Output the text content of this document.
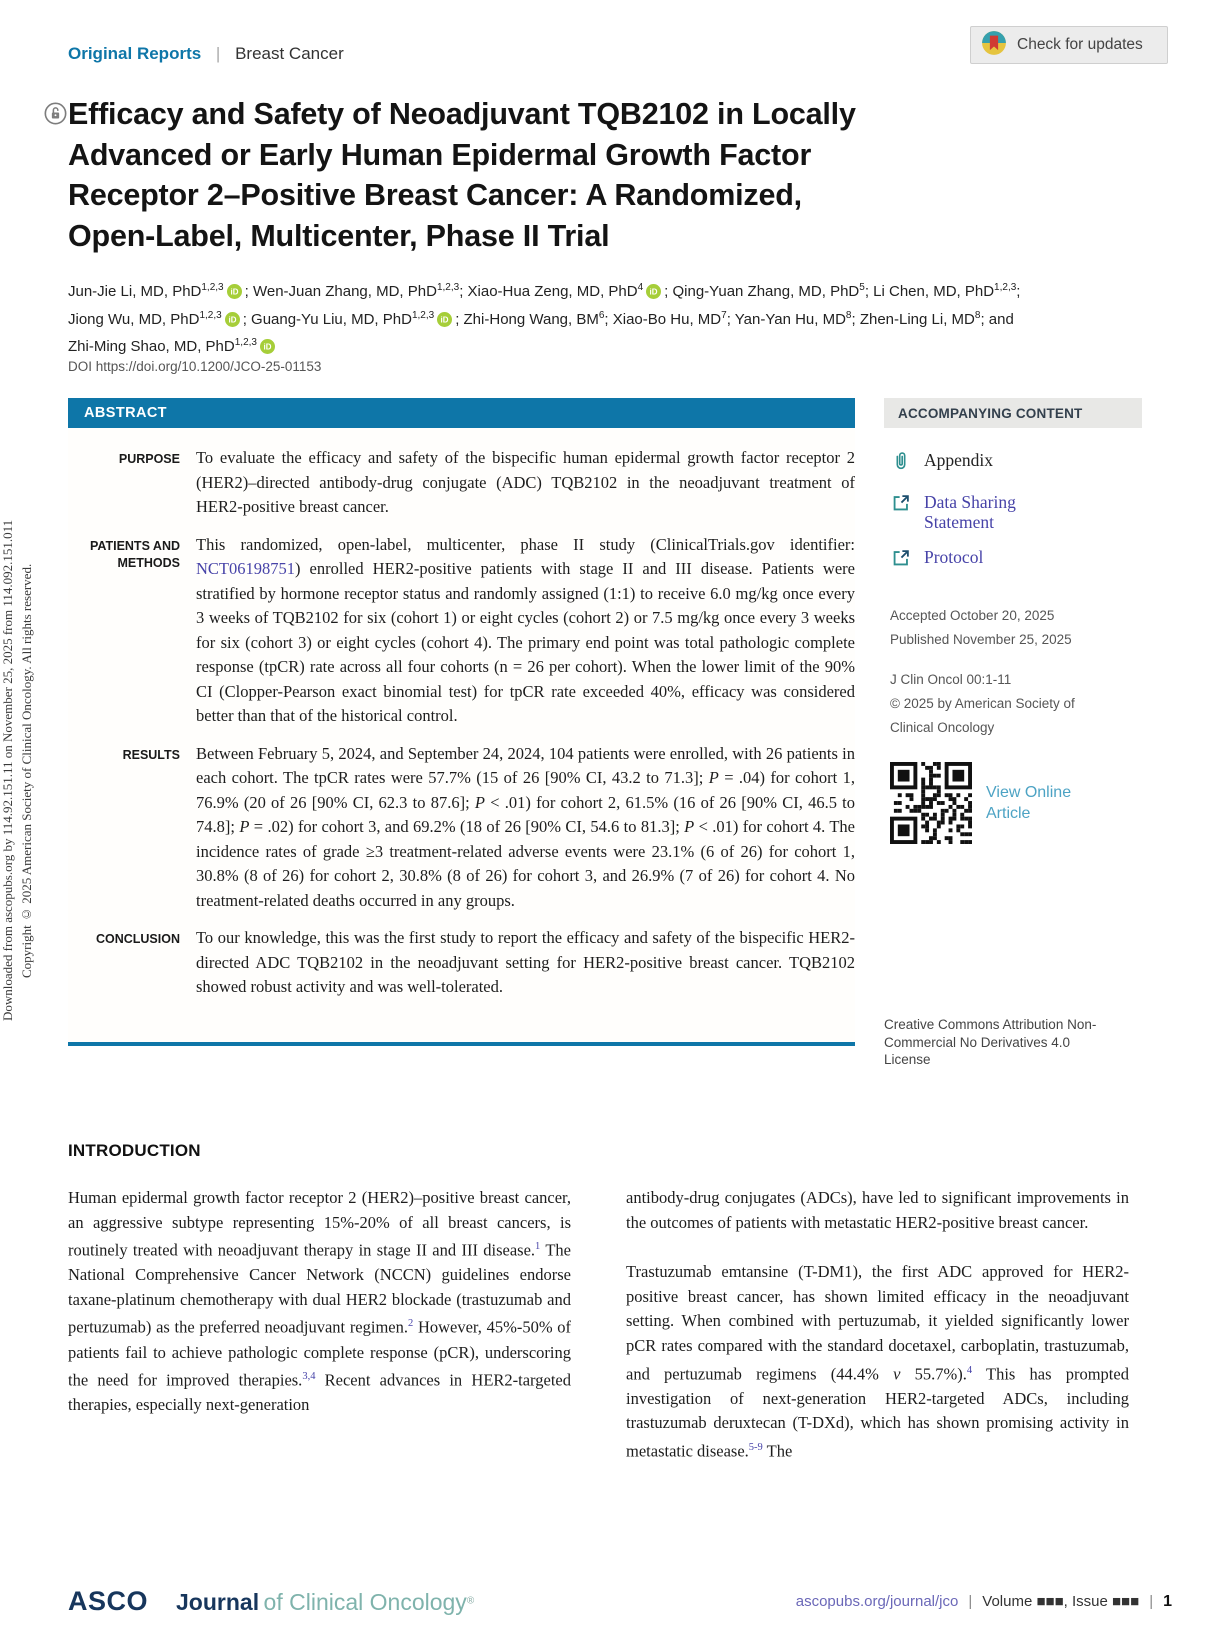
Downloaded from ascopubs.org by 114.92.151.11 on November 25, 2025 from 114.092.151.011 Copyright © 2025 American Society of Clinical Oncology. All rights reserved.
Original Reports | Breast Cancer	Check for updates
Efficacy and Safety of Neoadjuvant TQB2102 in Locally
Advanced or Early Human Epidermal Growth Factor
Receptor 2–Positive Breast Cancer: A Randomized,
Open-Label, Multicenter, Phase II Trial
Jun-Jie Li, MD, PhD$^{1,2,3}$ iD ; Wen-Juan Zhang, MD, PhD$^{1,2,3}$; Xiao-Hua Zeng, MD, PhD$^4$ iD ; Qing-Yuan Zhang, MD, PhD$^5$; Li Chen, MD, PhD$^{1,2,3}$;
Jiong Wu, MD, PhD$^{1,2,3}$ iD ; Guang-Yu Liu, MD, PhD$^{1,2,3}$ iD ; Zhi-Hong Wang, $BM^6$; Xiao-Bo Hu, $MD^7$; Yan-Yan Hu, $MD^8$; Zhen-Ling Li, $MD^8$; and
Zhi-Ming Shao, MD, PhD$^{1,2,3}$ iD
DOI https://doi.org/10.1200/JCO-25-01153
ABSTRACT
PURPOSE To evaluate the efficacy and safety of the bispecific human epidermal growth factor receptor 2 (HER2)–directed antibody-drug conjugate (ADC) TQB2102 in the neoadjuvant treatment of HER2-positive breast cancer.
PATIENTS AND METHODS
This randomized, open-label, multicenter, phase II study (ClinicalTrials.gov identifier: NCT06198751) enrolled HER2-positive patients with stage II and III disease. Patients were stratified by hormone receptor status and randomly assigned (1:1) to receive 6.0 mg/kg once every 3 weeks of TQB2102 for six (cohort 1) or eight cycles (cohort 2) or 7.5 mg/kg once every 3 weeks for six (cohort 3) or eight cycles (cohort 4). The primary end point was total pathologic complete response (tpCR) rate across all four cohorts (n = 26 per cohort). When the lower limit of the 90% CI (Clopper-Pearson exact binomial test) for tpCR rate exceeded 40%, efficacy was considered better than that of the historical control.
RESULTS Between February 5, 2024, and September 24, 2024, 104 patients were enrolled, with 26 patients in each cohort. The tpCR rates were 57.7% (15 of 26 [90% CI, 43.2 to 71.3]; P = .04) for cohort 1, 76.9% (20 of 26 [90% CI, 62.3 to 87.6]; P < .01) for cohort 2, 61.5% (16 of 26 [90% CI, 46.5 to 74.8]; P = .02) for cohort 3, and 69.2% (18 of 26 [90% CI, 54.6 to 81.3]; P < .01) for cohort 4. The incidence rates of grade ≥3 treatment-related adverse events were 23.1% (6 of 26) for cohort 1, 30.8% (8 of 26) for cohort 2, 30.8% (8 of 26) for cohort 3, and 26.9% (7 of 26) for cohort 4. No treatment-related deaths occurred in any groups.
CONCLUSION To our knowledge, this was the first study to report the efficacy and safety of the bispecific HER2-directed ADC TQB2102 in the neoadjuvant setting for HER2-positive breast cancer. TQB2102 showed robust activity and was well-tolerated.
ACCOMPANYING CONTENT
Appendix
Data Sharing Statement
Protocol
Accepted October 20, 2025
Published November 25, 2025
J Clin Oncol 00:1-11
© 2025 by American Society of Clinical Oncology
View Online Article
Creative Commons Attribution Non-Commercial No Derivatives 4.0 License
INTRODUCTION

Human epidermal growth factor receptor 2 (HER2)–positive breast cancer, an aggressive subtype representing 15%-20% of all breast cancers, is routinely treated with neoadjuvant therapy in stage II and III disease.$^1$ The National Comprehensive Cancer Network (NCCN) guidelines endorse taxane-platinum chemotherapy with dual HER2 blockade (trastuzumab and pertuzumab) as the preferred neoadjuvant regimen.$^2$ However, 45%-50% of patients fail to achieve pathologic complete response (pCR), underscoring the need for improved therapies.$^{3,4}$ Recent advances in HER2-targeted therapies, especially next-generation

antibody-drug conjugates (ADCs), have led to significant improvements in the outcomes of patients with metastatic HER2-positive breast cancer.

Trastuzumab emtansine (T-DM1), the first ADC approved for HER2-positive breast cancer, has shown limited efficacy in the neoadjuvant setting. When combined with pertuzumab, it yielded significantly lower pCR rates compared with the standard docetaxel, carboplatin, trastuzumab, and pertuzumab regimens (44.4% v 55.7%).$^4$ This has prompted investigation of next-generation HER2-targeted ADCs, including trastuzumab deruxtecan (T-DXd), which has shown promising activity in metastatic disease.$^{5-9}$ The

ASCO Journal of Clinical Oncology®	ascopubs.org/journal/jco | Volume ■■■, Issue ■■■ | 1
